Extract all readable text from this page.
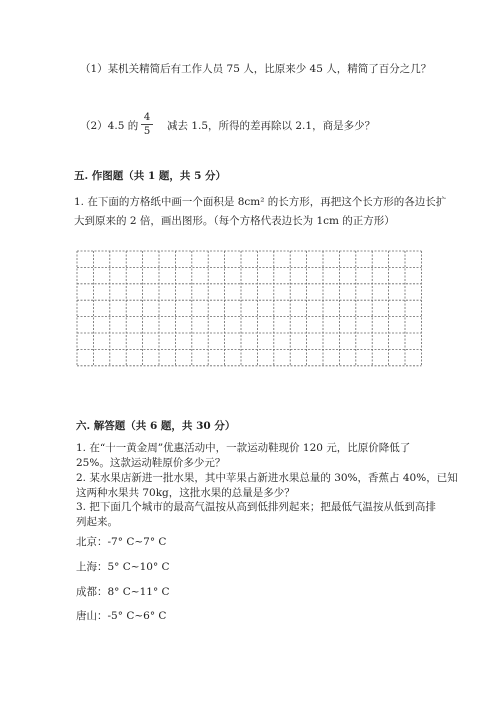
（1）某机关精简后有工作人员 75 人，比原来少 45 人，精简了百分之几？
（2）4.5 的
4
5 减去 1.5，所得的差再除以 2.1，商是多少？
五. 作图题（共 1 题，共 5 分）
1. 在下面的方格纸中画一个面积是 8cm² 的长方形，再把这个长方形的各边长扩
大到原来的 2 倍，画出图形。（每个方格代表边长为 1cm 的正方形）
六. 解答题（共 6 题，共 30 分）
1. 在“十一黄金周”优惠活动中，一款运动鞋现价 120 元，比原价降低了
25%。这款运动鞋原价多少元？
2. 某水果店新进一批水果，其中苹果占新进水果总量的 30%，香蕉占 40%，已知
这两种水果共 70kg，这批水果的总量是多少？
3. 把下面几个城市的最高气温按从高到低排列起来；把最低气温按从低到高排
列起来。
北京：-7° C~7° C
上海：5° C~10° C
成都：8° C~11° C
唐山：-5° C~6° C
